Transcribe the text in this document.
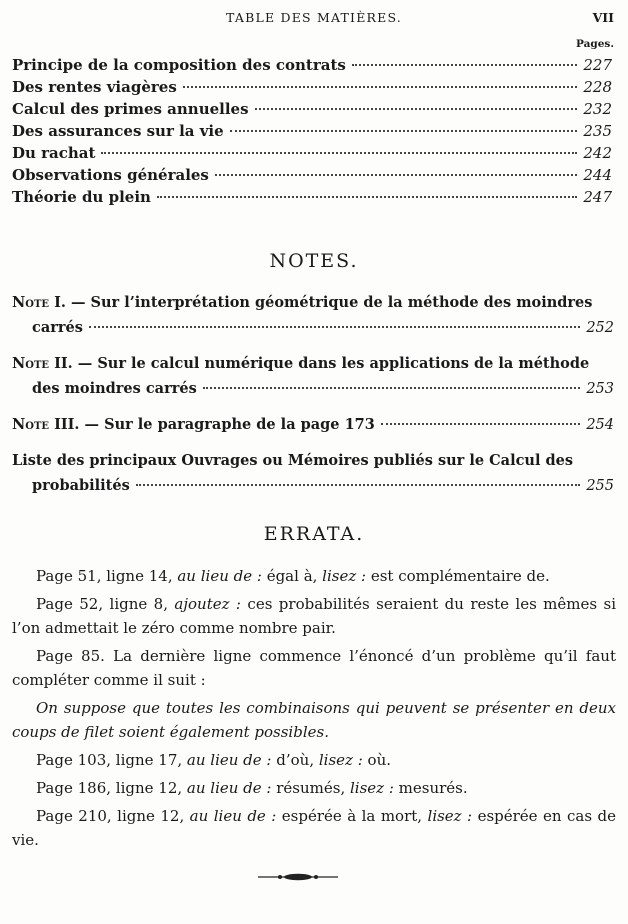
TABLE DES MATIÈRES.	VII
Pages.
Principe de la composition des contrats	227
Des rentes viagères	228
Calcul des primes annuelles	232
Des assurances sur la vie	235
Du rachat	242
Observations générales	244
Théorie du plein	247
NOTES.
Note I.
— Sur l’interprétation géométrique de la méthode des moindres
carrés	252
Note II.
— Sur le calcul numérique dans les applications de la méthode
des moindres carrés	253
Note III.
— Sur le paragraphe de la page 173	254
Liste des principaux Ouvrages ou Mémoires publiés sur le Calcul des
probabilités	255
ERRATA.

Page 51, ligne 14, au lieu de : égal à, lisez : est complémentaire de.

Page 52, ligne 8, ajoutez : ces probabilités seraient du reste les mêmes si l’on admettait le zéro comme nombre pair.

Page 85. La dernière ligne commence l’énoncé d’un problème qu’il faut compléter comme il suit :

On suppose que toutes les combinaisons qui peuvent se présenter en deux coups de filet soient également possibles.

Page 103, ligne 17, au lieu de : d’où, lisez : où.

Page 186, ligne 12, au lieu de : résumés, lisez : mesurés.

Page 210, ligne 12, au lieu de : espérée à la mort, lisez : espérée en cas de vie.
